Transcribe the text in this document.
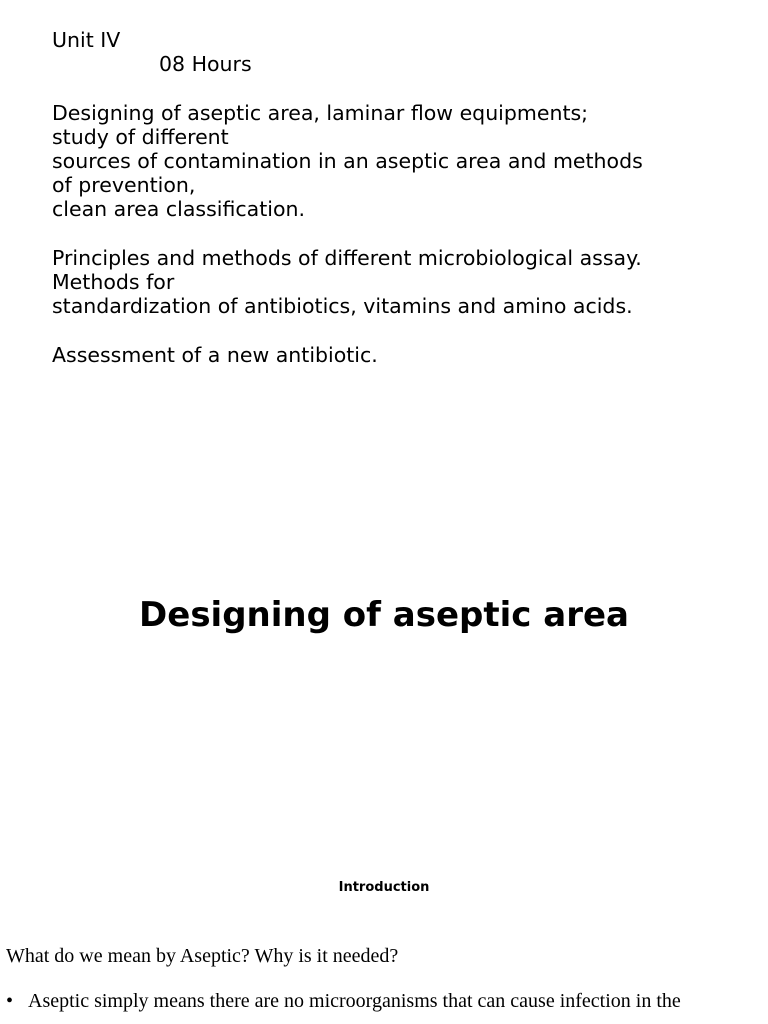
Unit IV
08 Hours
Designing of aseptic area, laminar flow equipments;
study of different
sources of contamination in an aseptic area and methods
of prevention,
clean area classification.
Principles and methods of different microbiological assay.
Methods for
standardization of antibiotics, vitamins and amino acids.
Assessment of a new antibiotic.
Designing of aseptic area
Introduction

What do we mean by Aseptic? Why is it needed?

• Aseptic simply means there are no microorganisms that can cause infection in the
